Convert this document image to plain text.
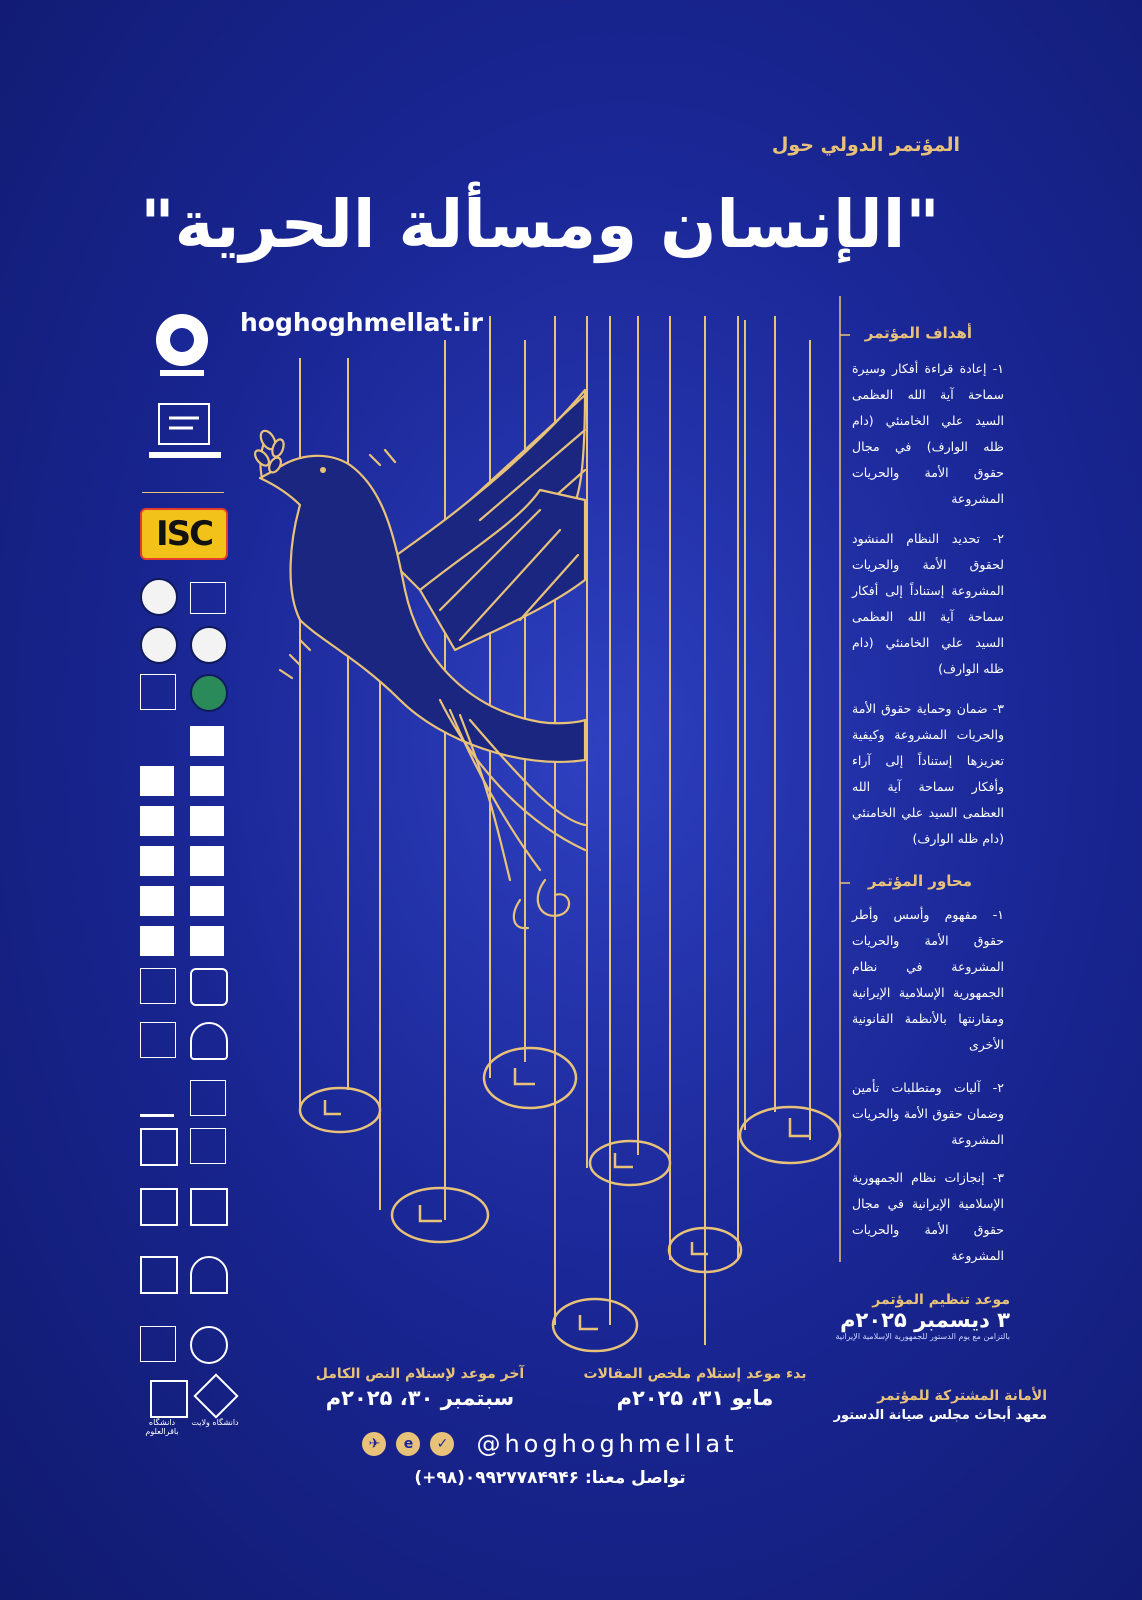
المؤتمر الدولي حول
"الإنسان ومسألة الحرية"
hoghoghmellat.ir	أهداف المؤتمر
۱- إعادة قراءة أفكار وسيرة سماحة آية الله العظمى السيد علي الخامنئي (دام ظله الوارف) في مجال حقوق الأمة والحريات المشروعة
۲- تحديد النظام المنشود لحقوق الأمة والحريات المشروعة إستناداً إلى أفكار سماحة آية الله العظمى السيد علي الخامنئي (دام ظله الوارف)
۳- ضمان وحماية حقوق الأمة والحريات المشروعة وكيفية تعزيزها إستناداً إلى آراء وأفكار سماحة آية الله العظمى السيد علي الخامنئي (دام ظله الوارف)
محاور المؤتمر
۱- مفهوم وأسس وأطر حقوق الأمة والحريات المشروعة في نظام الجمهورية الإسلامية الإيرانية ومقارنتها بالأنظمة القانونية الأخرى
۲- آليات ومتطلبات تأمين وضمان حقوق الأمة والحريات المشروعة
۳- إنجازات نظام الجمهورية الإسلامية الإيرانية في مجال حقوق الأمة والحريات المشروعة
موعد تنظيم المؤتمر
۳ ديسمبر ۲۰۲۵م
بالتزامن مع يوم الدستور للجمهورية الإسلامية الإيرانية
الأمانة المشتركة للمؤتمر
معهد أبحاث مجلس صيانة الدستور
بدء موعد إستلام ملخص المقالات
مايو ۳۱، ۲۰۲۵م
آخر موعد لإستلام النص الكامل
سبتمبر ۳۰، ۲۰۲۵م
✈	e	✓ @hoghoghmellat
تواصل معنا: ۰۹۹۲۷۷۸۴۹۴۶(۹۸+)
ISC
دانشگاه باقرالعلوم
دانشگاه ولایت
